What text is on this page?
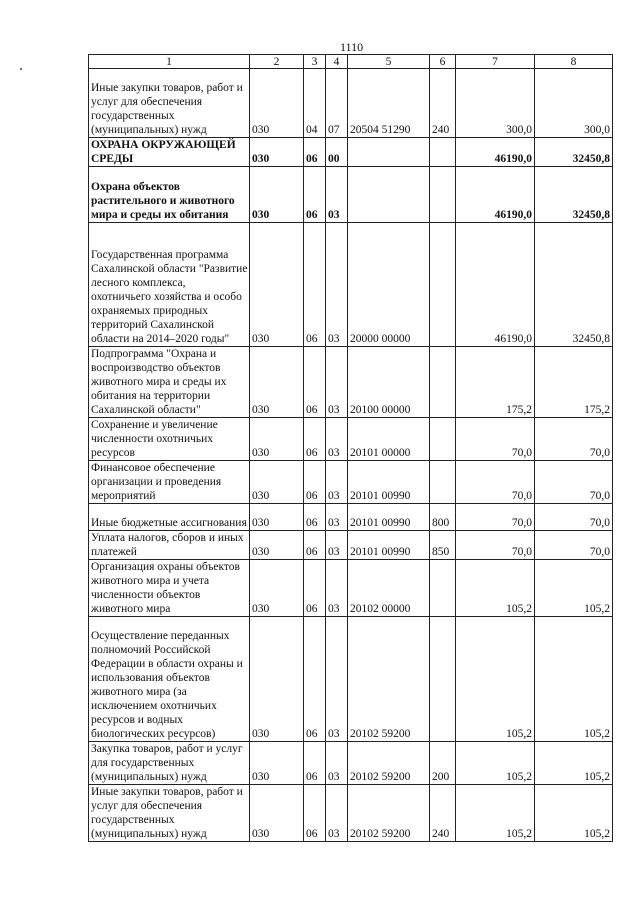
1110
1	2	3	4	5	6	7	8
Иные закупки товаров, работ и услуг для обеспечения государственных (муниципальных) нужд	030	04	07	20504 51290	240	300,0	300,0
ОХРАНА ОКРУЖАЮЩЕЙ СРЕДЫ	030	06	00			46190,0	32450,8
Охрана объектов растительного и животного мира и среды их обитания	030	06	03			46190,0	32450,8
Государственная программа Сахалинской области "Развитие лесного комплекса, охотничьего хозяйства и особо охраняемых природных территорий Сахалинской области на 2014–2020 годы"	030	06	03	20000 00000		46190,0	32450,8
Подпрограмма "Охрана и воспроизводство объектов животного мира и среды их обитания на территории Сахалинской области"	030	06	03	20100 00000		175,2	175,2
Сохранение и увеличение численности охотничьих ресурсов	030	06	03	20101 00000		70,0	70,0
Финансовое обеспечение организации и проведения мероприятий	030	06	03	20101 00990		70,0	70,0
Иные бюджетные ассигнования	030	06	03	20101 00990	800	70,0	70,0
Уплата налогов, сборов и иных платежей	030	06	03	20101 00990	850	70,0	70,0
Организация охраны объектов животного мира и учета численности объектов животного мира	030	06	03	20102 00000		105,2	105,2
Осуществление переданных полномочий Российской Федерации в области охраны и использования объектов животного мира (за исключением охотничьих ресурсов и водных биологических ресурсов)	030	06	03	20102 59200		105,2	105,2
Закупка товаров, работ и услуг для государственных (муниципальных) нужд	030	06	03	20102 59200	200	105,2	105,2
Иные закупки товаров, работ и услуг для обеспечения государственных (муниципальных) нужд	030	06	03	20102 59200	240	105,2	105,2
